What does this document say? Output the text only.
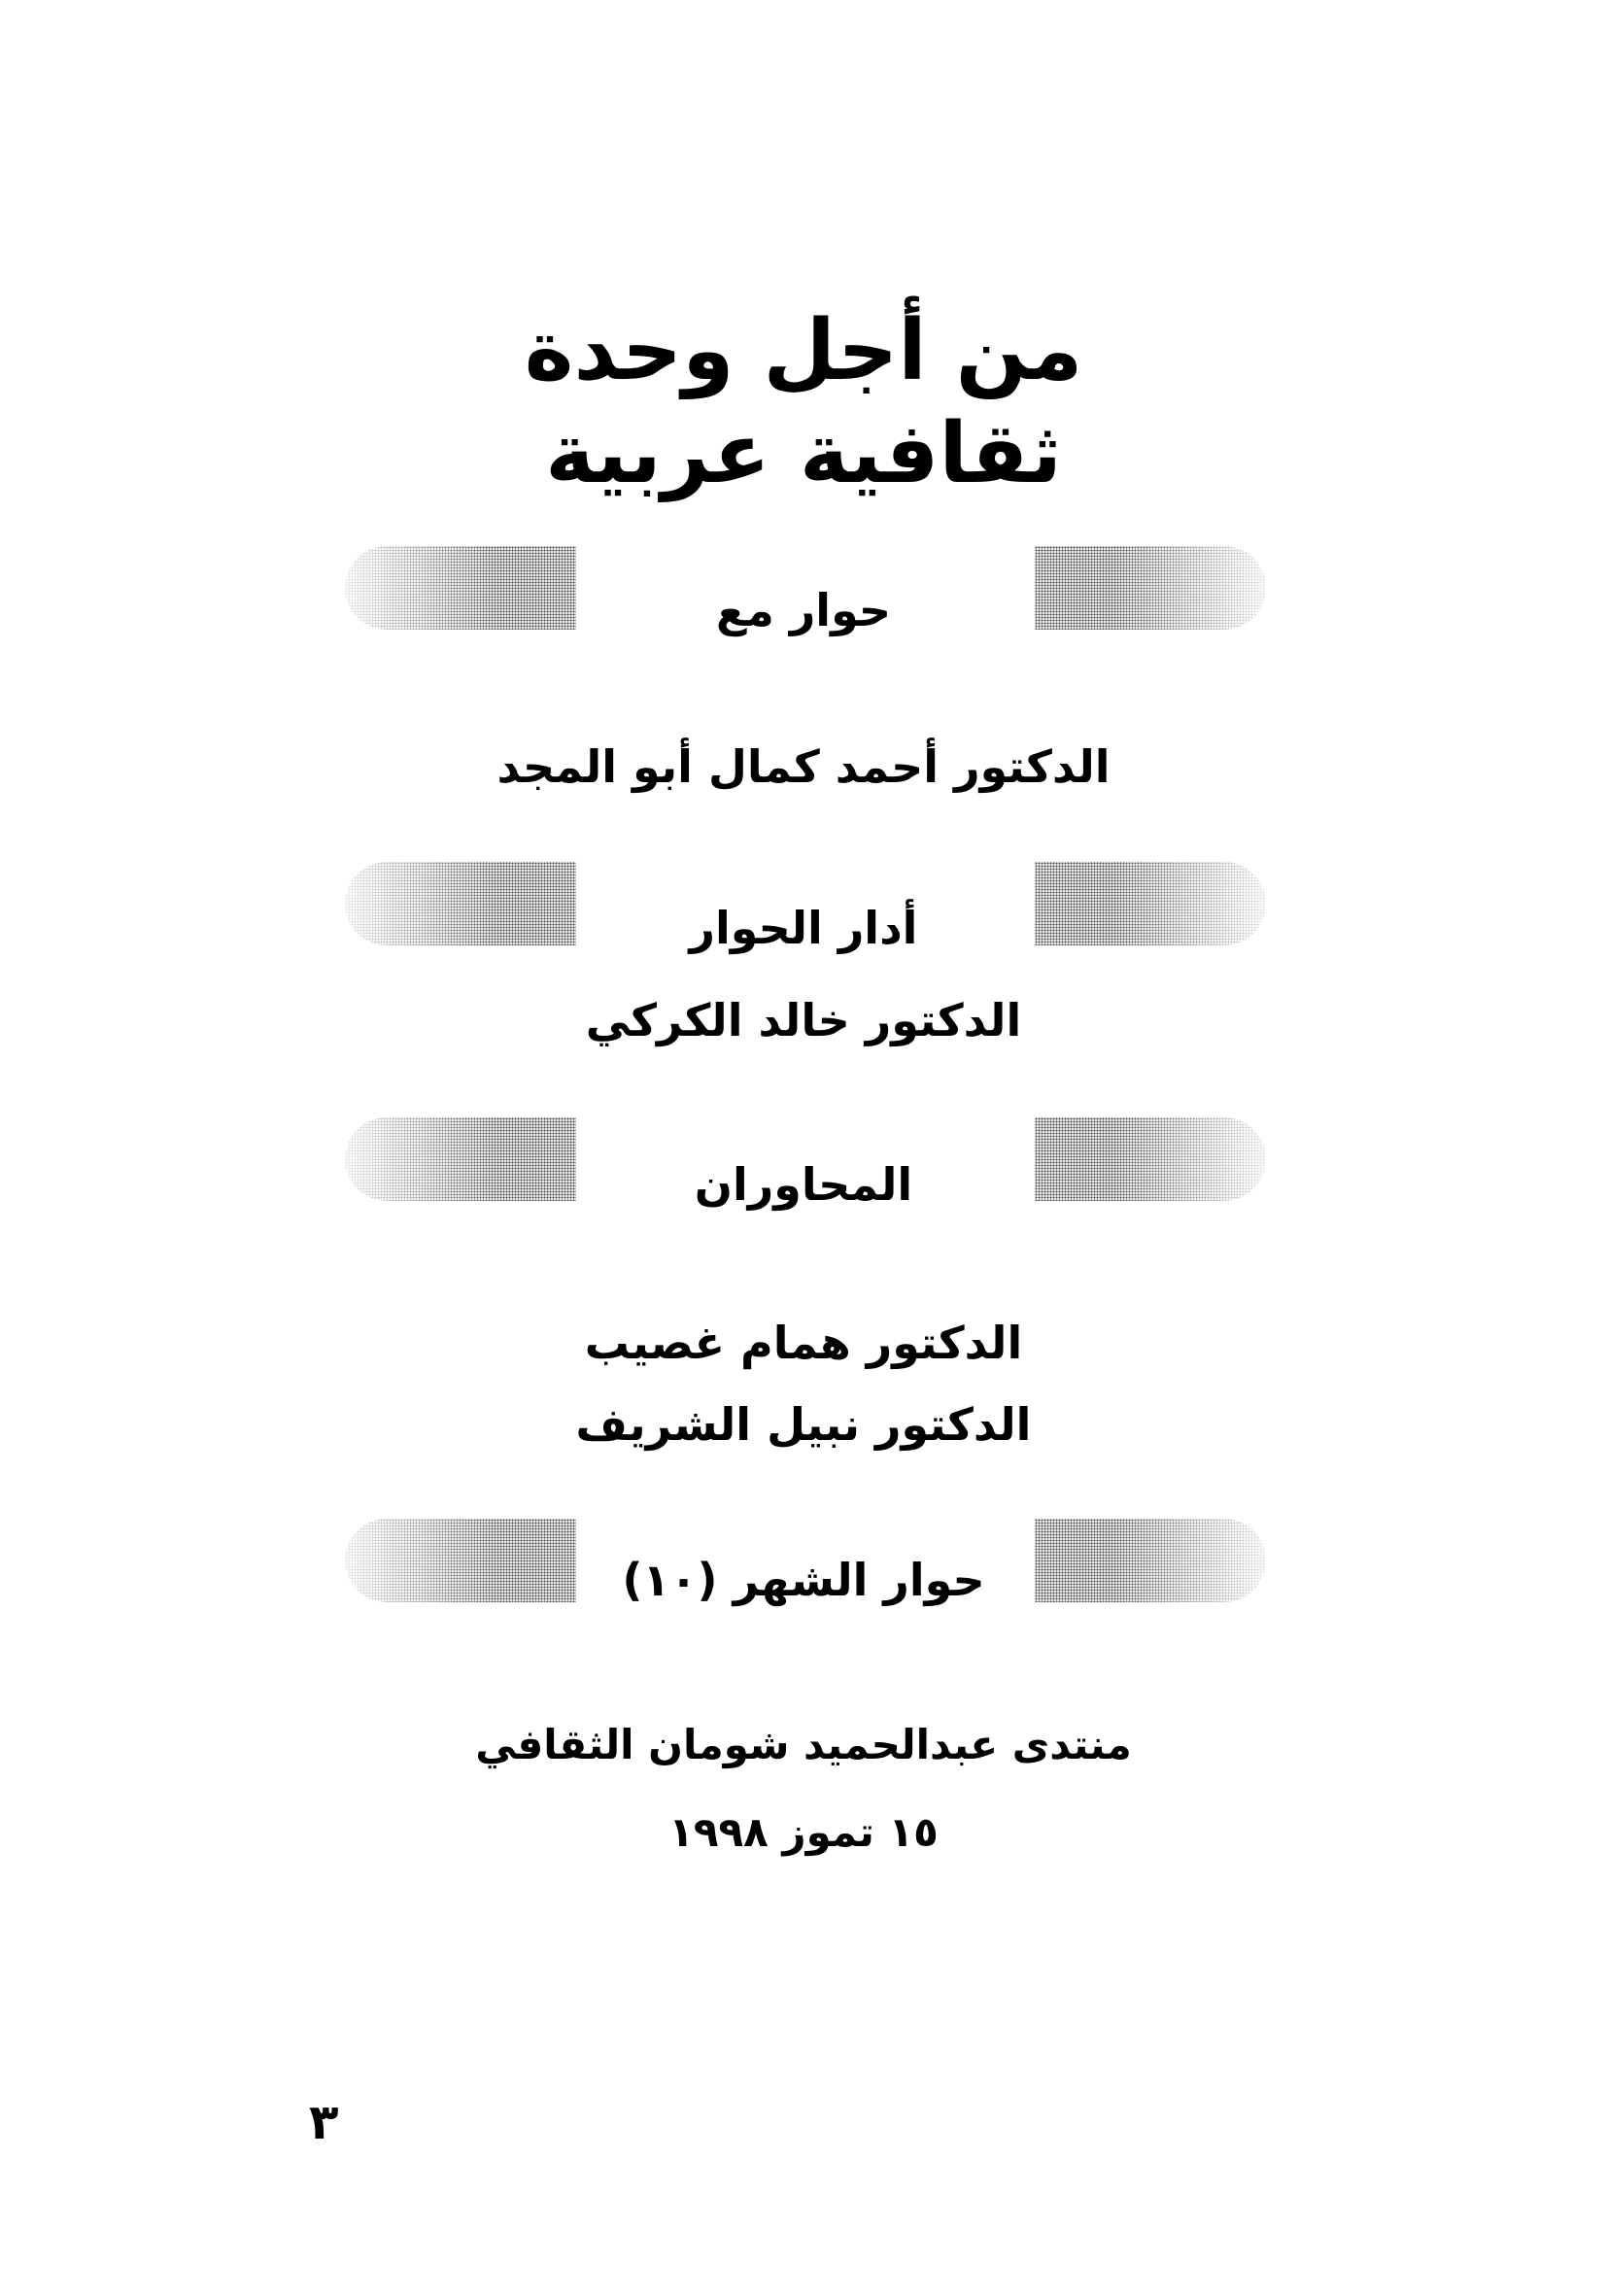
من أجل وحدة
ثقافية عربية
حوار مع
الدكتور أحمد كمال أبو المجد
أدار الحوار
الدكتور خالد الكركي
المحاوران
الدكتور همام غصيب
الدكتور نبيل الشريف
حوار الشهر (١٠)
منتدى عبدالحميد شومان الثقافي
١٥ تموز ١٩٩٨
٣
